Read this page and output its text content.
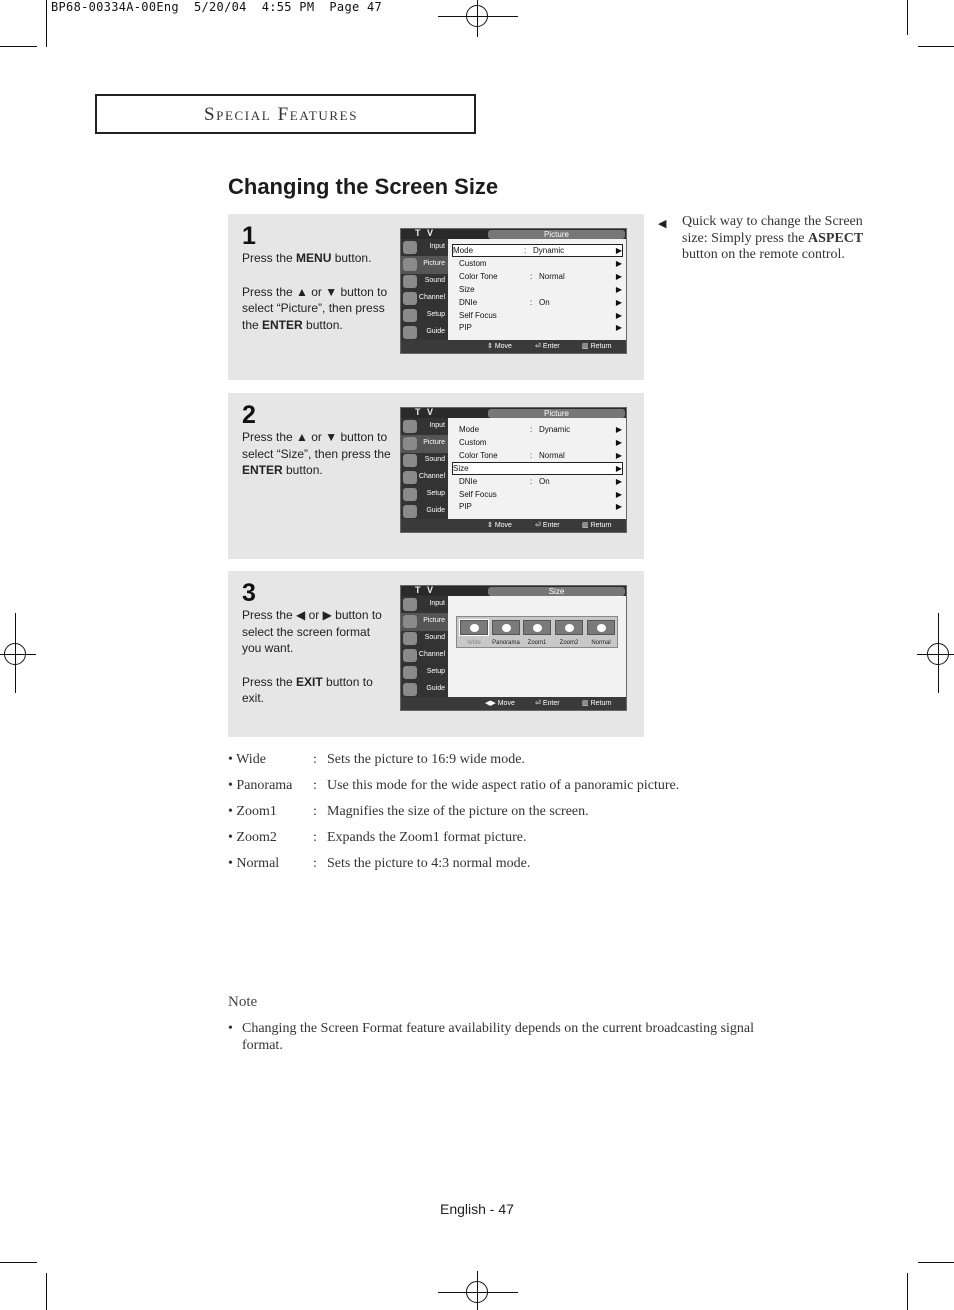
BP68-00334A-00Eng  5/20/04  4:55 PM  Page 47
Special Features
Changing the Screen Size
1

Press the MENU button.

Press the ▲ or ▼ button to select “Picture”, then press the ENTER button.

T V	Picture
Input
Picture
Sound
Channel
Setup
Guide
Mode	: Dynamic	▶
Custom	▶
Color Tone	: Normal	▶
Size	▶
DNIe	: On	▶
Self Focus	▶
PIP	▶
⇕ Move	⏎ Enter	▥ Return
2

Press the ▲ or ▼ button to select “Size”, then press the ENTER button.

T V	Picture
Input
Picture
Sound
Channel
Setup
Guide
Mode	: Dynamic	▶
Custom	▶
Color Tone	: Normal	▶
Size	▶
DNIe	: On	▶
Self Focus	▶
PIP	▶
⇕ Move	⏎ Enter	▥ Return
3

Press the ◀ or ▶ button to select the screen format you want.

Press the EXIT button to exit.

T V	Size
Input
Picture
Sound
Channel
Setup
Guide
Wide	Panorama	Zoom1	Zoom2	Normal
◀▶ Move	⏎ Enter	▥ Return
◀ Quick way to change the Screen size: Simply press the ASPECT button on the remote control.
• Wide	: Sets the picture to 16:9 wide mode.
• Panorama : Use this mode for the wide aspect ratio of a panoramic picture.
• Zoom1	: Magnifies the size of the picture on the screen.
• Zoom2	: Expands the Zoom1 format picture.
• Normal : Sets the picture to 4:3 normal mode.
Note
• Changing the Screen Format feature availability depends on the current broadcasting signal format.
English - 47
